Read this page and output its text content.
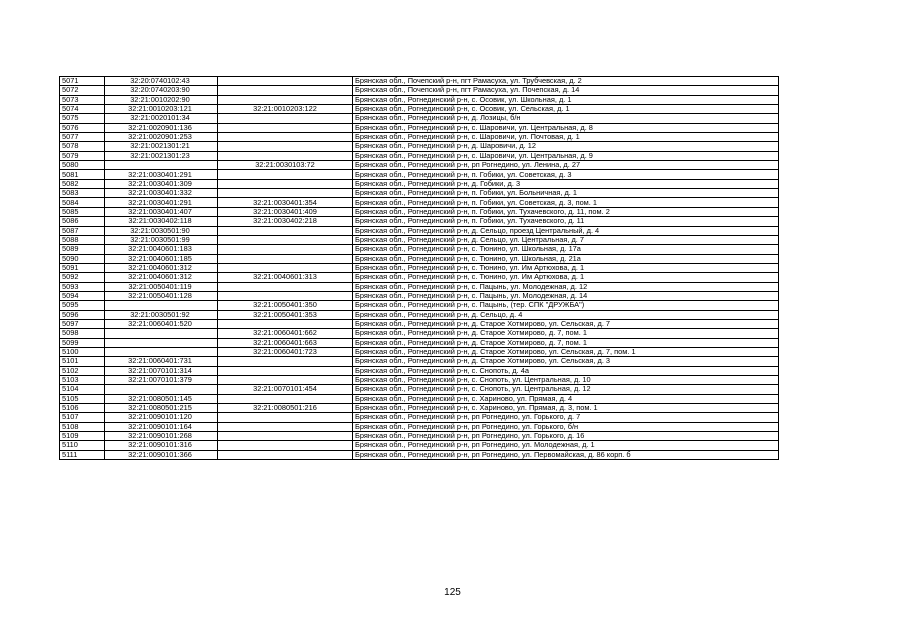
5071	32:20:0740102:43		Брянская обл., Почепский р-н, пгт Рамасуха, ул. Трубчевская, д. 2
5072	32:20:0740203:90		Брянская обл., Почепский р-н, пгт Рамасуха, ул. Почепская, д. 14
5073	32:21:0010202:90		Брянская обл., Рогнединский р-н, с. Осовик, ул. Школьная, д. 1
5074	32:21:0010203:121	32:21:0010203:122	Брянская обл., Рогнединский р-н, с. Осовик, ул. Сельская, д. 1
5075	32:21:0020101:34		Брянская обл., Рогнединский р-н, д. Лозицы, б/н
5076	32:21:0020901:136		Брянская обл., Рогнединский р-н, с. Шаровичи, ул. Центральная, д. 8
5077	32:21:0020901:253		Брянская обл., Рогнединский р-н, с. Шаровичи, ул. Почтовая, д. 1
5078	32:21:0021301:21		Брянская обл., Рогнединский р-н, д. Шаровичи, д. 12
5079	32:21:0021301:23		Брянская обл., Рогнединский р-н, с. Шаровичи, ул. Центральная, д. 9
5080		32:21:0030103:72	Брянская обл., Рогнединский р-н, рп Рогнедино, ул. Ленина, д. 27
5081	32:21:0030401:291		Брянская обл., Рогнединский р-н, п. Гобики, ул. Советская, д. 3
5082	32:21:0030401:309		Брянская обл., Рогнединский р-н, д. Гобики, д. 3
5083	32:21:0030401:332		Брянская обл., Рогнединский р-н, п. Гобики, ул. Больничная, д. 1
5084	32:21:0030401:291	32:21:0030401:354	Брянская обл., Рогнединский р-н, п. Гобики, ул. Советская, д. 3, пом. 1
5085	32:21:0030401:407	32:21:0030401:409	Брянская обл., Рогнединский р-н, п. Гобики, ул. Тухачевского, д. 11, пом. 2
5086	32:21:0030402:118	32:21:0030402:218	Брянская обл., Рогнединский р-н, п. Гобики, ул. Тухачевского, д. 11
5087	32:21:0030501:90		Брянская обл., Рогнединский р-н, д. Сельцо, проезд Центральный, д. 4
5088	32:21:0030501:99		Брянская обл., Рогнединский р-н, д. Сельцо, ул. Центральная, д. 7
5089	32:21:0040601:183		Брянская обл., Рогнединский р-н, с. Тюнино, ул. Школьная, д. 17а
5090	32:21:0040601:185		Брянская обл., Рогнединский р-н, с. Тюнино, ул. Школьная, д. 21а
5091	32:21:0040601:312		Брянская обл., Рогнединский р-н, с. Тюнино, ул. Им Артюхова, д. 1
5092	32:21:0040601:312	32:21:0040601:313	Брянская обл., Рогнединский р-н, с. Тюнино, ул. Им Артюхова, д. 1
5093	32:21:0050401:119		Брянская обл., Рогнединский р-н, с. Пацынь, ул. Молодежная, д. 12
5094	32:21:0050401:128		Брянская обл., Рогнединский р-н, с. Пацынь, ул. Молодежная, д. 14
5095		32:21:0050401:350	Брянская обл., Рогнединский р-н, с. Пацынь, (тер. СПК "ДРУЖБА")
5096	32:21:0030501:92	32:21:0050401:353	Брянская обл., Рогнединский р-н, д. Сельцо, д. 4
5097	32:21:0060401:520		Брянская обл., Рогнединский р-н, д. Старое Хотмирово, ул. Сельская, д. 7
5098		32:21:0060401:662	Брянская обл., Рогнединский р-н, д. Старое Хотмирово, д. 7, пом. 1
5099		32:21:0060401:663	Брянская обл., Рогнединский р-н, д. Старое Хотмирово, д. 7, пом. 1
5100		32:21:0060401:723	Брянская обл., Рогнединский р-н, д. Старое Хотмирово, ул. Сельская, д. 7, пом. 1
5101	32:21:0060401:731		Брянская обл., Рогнединский р-н, д. Старое Хотмирово, ул. Сельская, д. 3
5102	32:21:0070101:314		Брянская обл., Рогнединский р-н, с. Снопоть, д. 4а
5103	32:21:0070101:379		Брянская обл., Рогнединский р-н, с. Снопоть, ул. Центральная, д. 10
5104		32:21:0070101:454	Брянская обл., Рогнединский р-н, с. Снопоть, ул. Центральная, д. 12
5105	32:21:0080501:145		Брянская обл., Рогнединский р-н, с. Хариново, ул. Прямая, д. 4
5106	32:21:0080501:215	32:21:0080501:216	Брянская обл., Рогнединский р-н, с. Хариново, ул. Прямая, д. 3, пом. 1
5107	32:21:0090101:120		Брянская обл., Рогнединский р-н, рп Рогнедино, ул. Горького, д. 7
5108	32:21:0090101:164		Брянская обл., Рогнединский р-н, рп Рогнедино, ул. Горького, б/н
5109	32:21:0090101:268		Брянская обл., Рогнединский р-н, рп Рогнедино, ул. Горького, д. 16
5110	32:21:0090101:316		Брянская обл., Рогнединский р-н, рп Рогнедино, ул. Молодежная, д. 1
5111	32:21:0090101:366		Брянская обл., Рогнединский р-н, рп Рогнедино, ул. Первомайская, д. 86 корп. б
125
